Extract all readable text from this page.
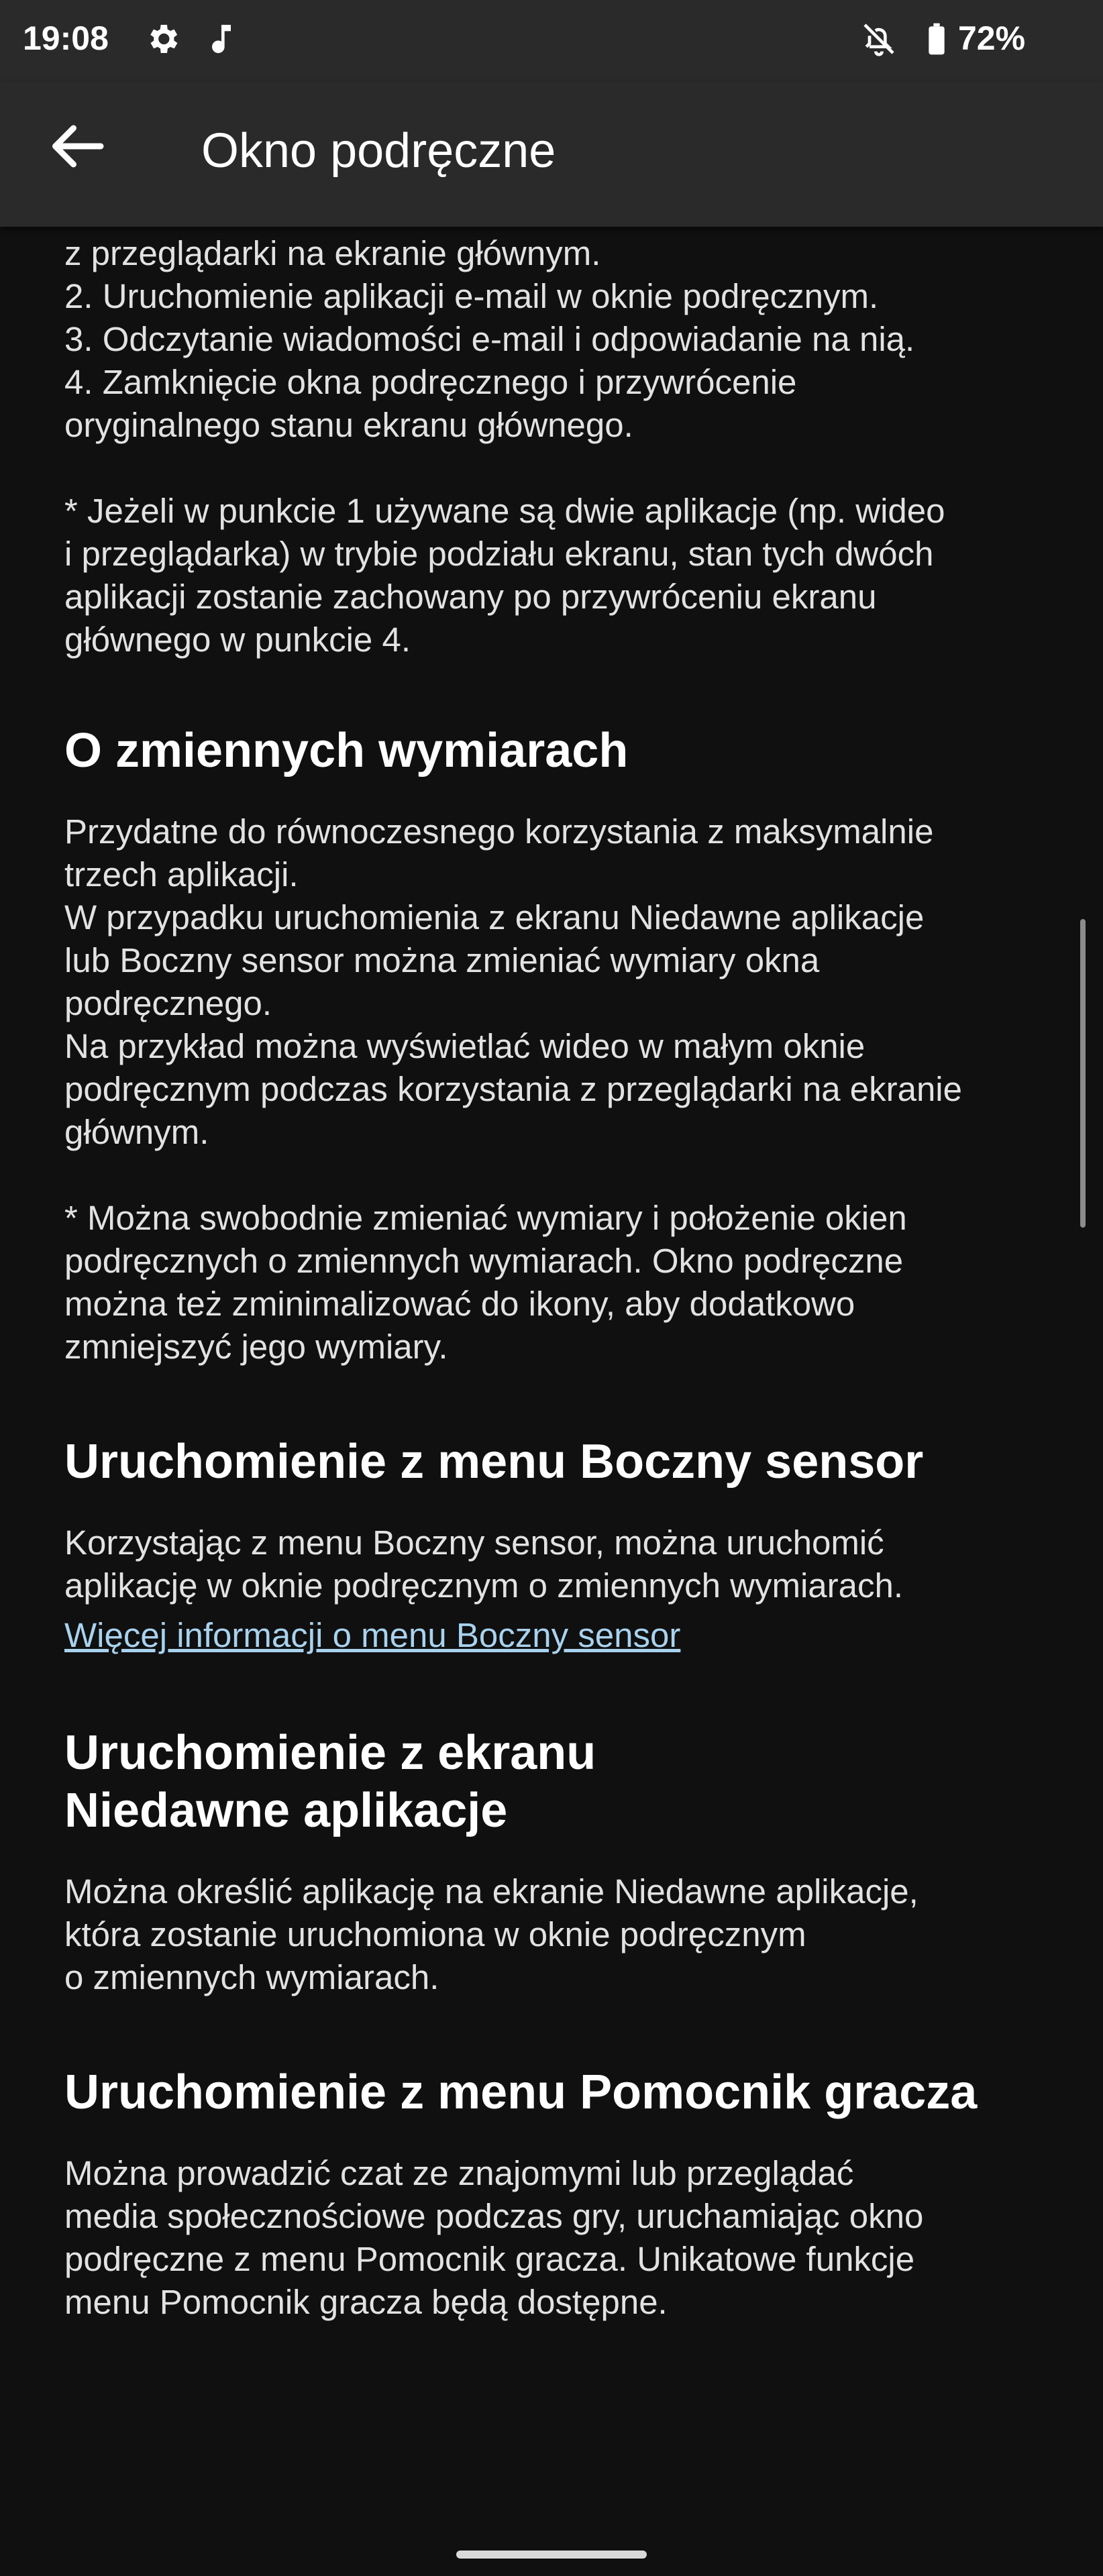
19:08	72%
Okno podręczne

z przeglądarki na ekranie głównym.
2. Uruchomienie aplikacji e-mail w oknie podręcznym.
3. Odczytanie wiadomości e-mail i odpowiadanie na nią.
4. Zamknięcie okna podręcznego i przywrócenie
oryginalnego stanu ekranu głównego.

* Jeżeli w punkcie 1 używane są dwie aplikacje (np. wideo
i przeglądarka) w trybie podziału ekranu, stan tych dwóch
aplikacji zostanie zachowany po przywróceniu ekranu
głównego w punkcie 4.

O zmiennych wymiarach

Przydatne do równoczesnego korzystania z maksymalnie
trzech aplikacji.
W przypadku uruchomienia z ekranu Niedawne aplikacje
lub Boczny sensor można zmieniać wymiary okna
podręcznego.
Na przykład można wyświetlać wideo w małym oknie
podręcznym podczas korzystania z przeglądarki na ekranie
głównym.

* Można swobodnie zmieniać wymiary i położenie okien
podręcznych o zmiennych wymiarach. Okno podręczne
można też zminimalizować do ikony, aby dodatkowo
zmniejszyć jego wymiary.

Uruchomienie z menu Boczny sensor

Korzystając z menu Boczny sensor, można uruchomić
aplikację w oknie podręcznym o zmiennych wymiarach.

Więcej informacji o menu Boczny sensor
Uruchomienie z ekranu
Niedawne aplikacje

Można określić aplikację na ekranie Niedawne aplikacje,
która zostanie uruchomiona w oknie podręcznym
o zmiennych wymiarach.

Uruchomienie z menu Pomocnik gracza

Można prowadzić czat ze znajomymi lub przeglądać
media społecznościowe podczas gry, uruchamiając okno
podręczne z menu Pomocnik gracza. Unikatowe funkcje
menu Pomocnik gracza będą dostępne.
